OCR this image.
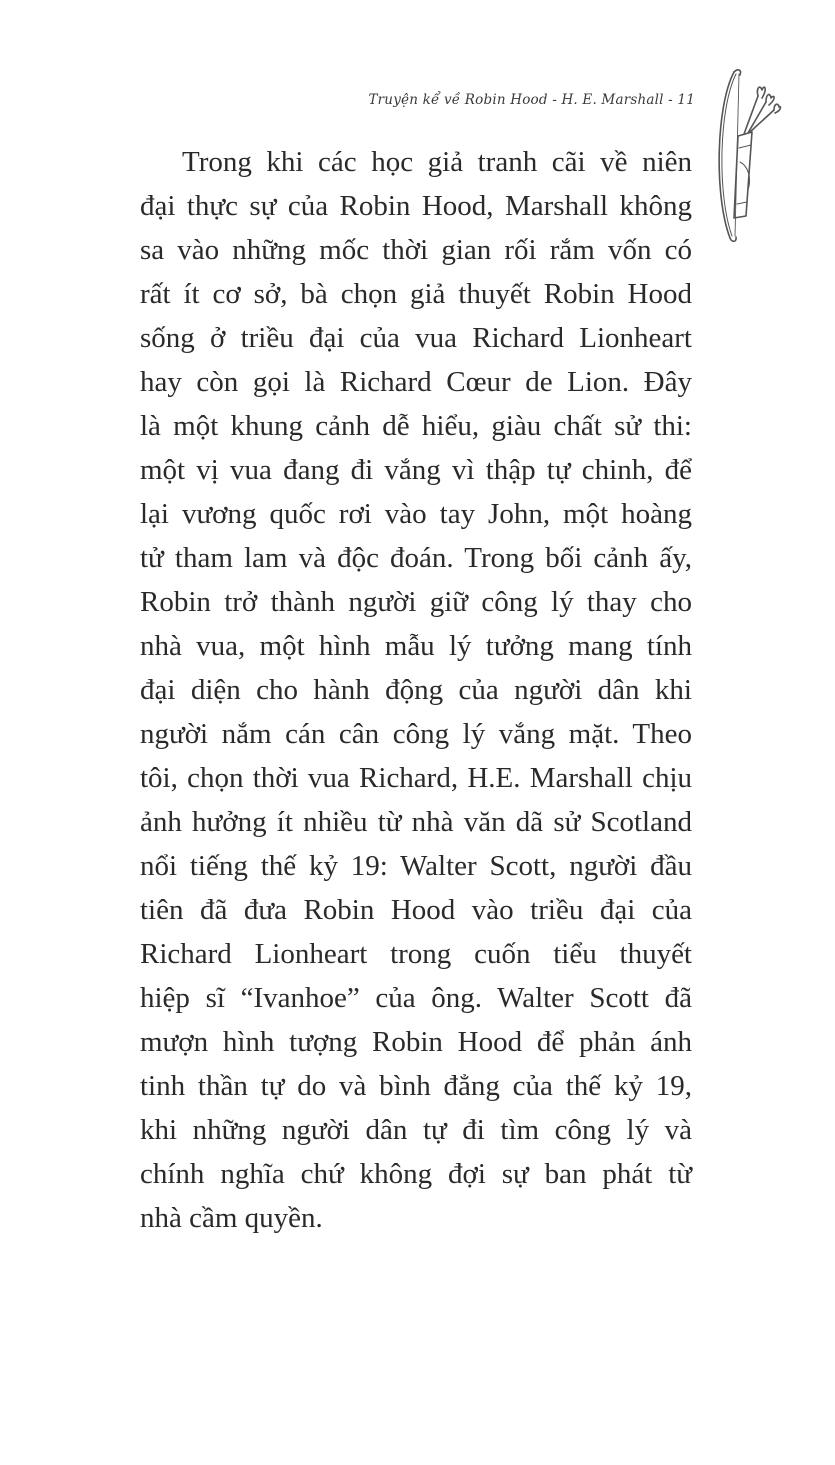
Truyện kể về Robin Hood - H. E. Marshall - 11
Trong khi các học giả tranh cãi về niên
đại thực sự của Robin Hood, Marshall không
sa vào những mốc thời gian rối rắm vốn có
rất ít cơ sở, bà chọn giả thuyết Robin Hood
sống ở triều đại của vua Richard Lionheart
hay còn gọi là Richard Cœur de Lion. Đây
là một khung cảnh dễ hiểu, giàu chất sử thi:
một vị vua đang đi vắng vì thập tự chinh, để
lại vương quốc rơi vào tay John, một hoàng
tử tham lam và độc đoán. Trong bối cảnh ấy,
Robin trở thành người giữ công lý thay cho
nhà vua, một hình mẫu lý tưởng mang tính
đại diện cho hành động của người dân khi
người nắm cán cân công lý vắng mặt. Theo
tôi, chọn thời vua Richard, H.E. Marshall chịu
ảnh hưởng ít nhiều từ nhà văn dã sử Scotland
nổi tiếng thế kỷ 19: Walter Scott, người đầu
tiên đã đưa Robin Hood vào triều đại của
Richard Lionheart trong cuốn tiểu thuyết
hiệp sĩ “Ivanhoe” của ông. Walter Scott đã
mượn hình tượng Robin Hood để phản ánh
tinh thần tự do và bình đẳng của thế kỷ 19,
khi những người dân tự đi tìm công lý và
chính nghĩa chứ không đợi sự ban phát từ
nhà cầm quyền.
